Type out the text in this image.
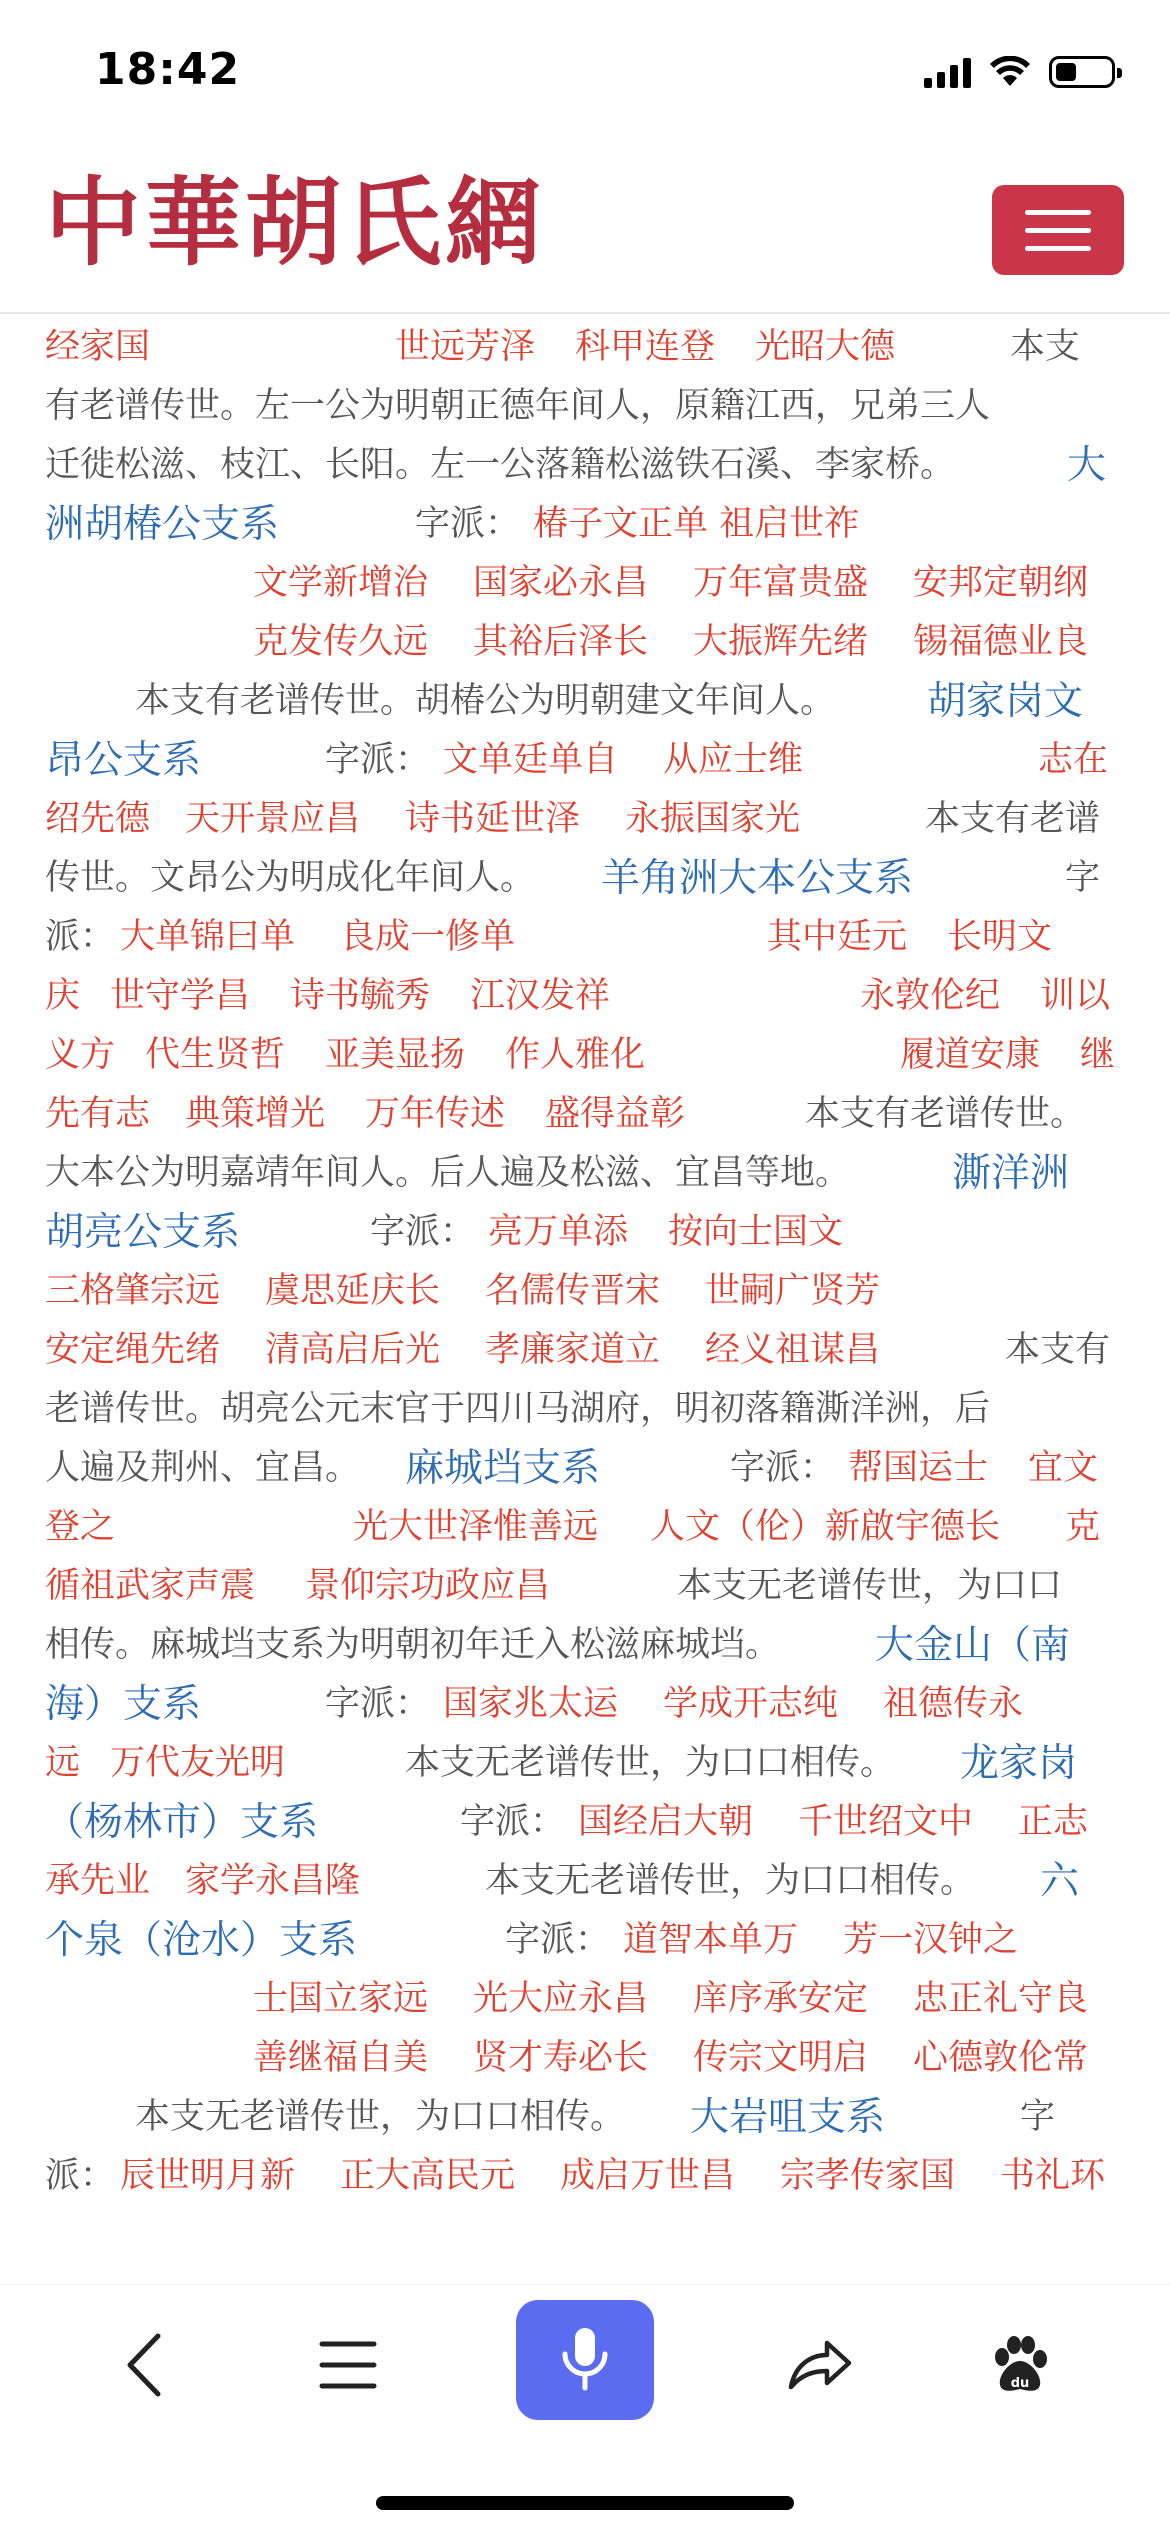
18:42
中華胡氏網
经家国	世远芳泽 科甲连登 光昭大德	本支
有老谱传世。左一公为明朝正德年间人，原籍江西，兄弟三人
迁徙松滋、枝江、长阳。左一公落籍松滋铁石溪、李家桥。	大
洲胡椿公支系	字派： 椿子文正单 祖启世祚
文学新增治 国家必永昌 万年富贵盛 安邦定朝纲
克发传久远 其裕后泽长 大振辉先绪 锡福德业良
本支有老谱传世。胡椿公为明朝建文年间人。 胡家岗文
昂公支系	字派： 文单廷单自 从应士维	志在
绍先德 天开景应昌 诗书延世泽 永振国家光	本支有老谱
传世。文昂公为明成化年间人。 羊角洲大本公支系	字
派： 大单锦曰单 良成一修单	其中廷元 长明文
庆 世守学昌 诗书毓秀 江汉发祥	永敦伦纪 训以
义方 代生贤哲 亚美显扬 作人雅化	履道安康 继
先有志 典策增光 万年传述 盛得益彰	本支有老谱传世。
大本公为明嘉靖年间人。后人遍及松滋、宜昌等地。	澌洋洲
胡亮公支系	字派： 亮万单添 按向士国文
三格肇宗远 虞思延庆长 名儒传晋宋 世嗣广贤芳
安定绳先绪 清高启后光 孝廉家道立 经义祖谋昌	本支有
老谱传世。胡亮公元末官于四川马湖府，明初落籍澌洋洲，后
人遍及荆州、宜昌。 麻城垱支系	字派： 帮国运士 宜文
登之	光大世泽惟善远 人文（伦）新啟宇德长 克
循祖武家声震 景仰宗功政应昌	本支无老谱传世，为口口
相传。麻城垱支系为明朝初年迁入松滋麻城垱。 大金山（南
海）支系	字派： 国家兆太运 学成开志纯 祖德传永
远 万代友光明	本支无老谱传世，为口口相传。 龙家岗
（杨林市）支系	字派： 国经启大朝 千世绍文中 正志
承先业 家学永昌隆	本支无老谱传世，为口口相传。 六
个泉（沧水）支系	字派： 道智本单万 芳一汉钟之
士国立家远 光大应永昌 庠序承安定 忠正礼守良
善继福自美 贤才寿必长 传宗文明启 心德敦伦常
本支无老谱传世，为口口相传。 大岩咀支系	字
派： 辰世明月新 正大高民元 成启万世昌 宗孝传家国 书礼环
du
